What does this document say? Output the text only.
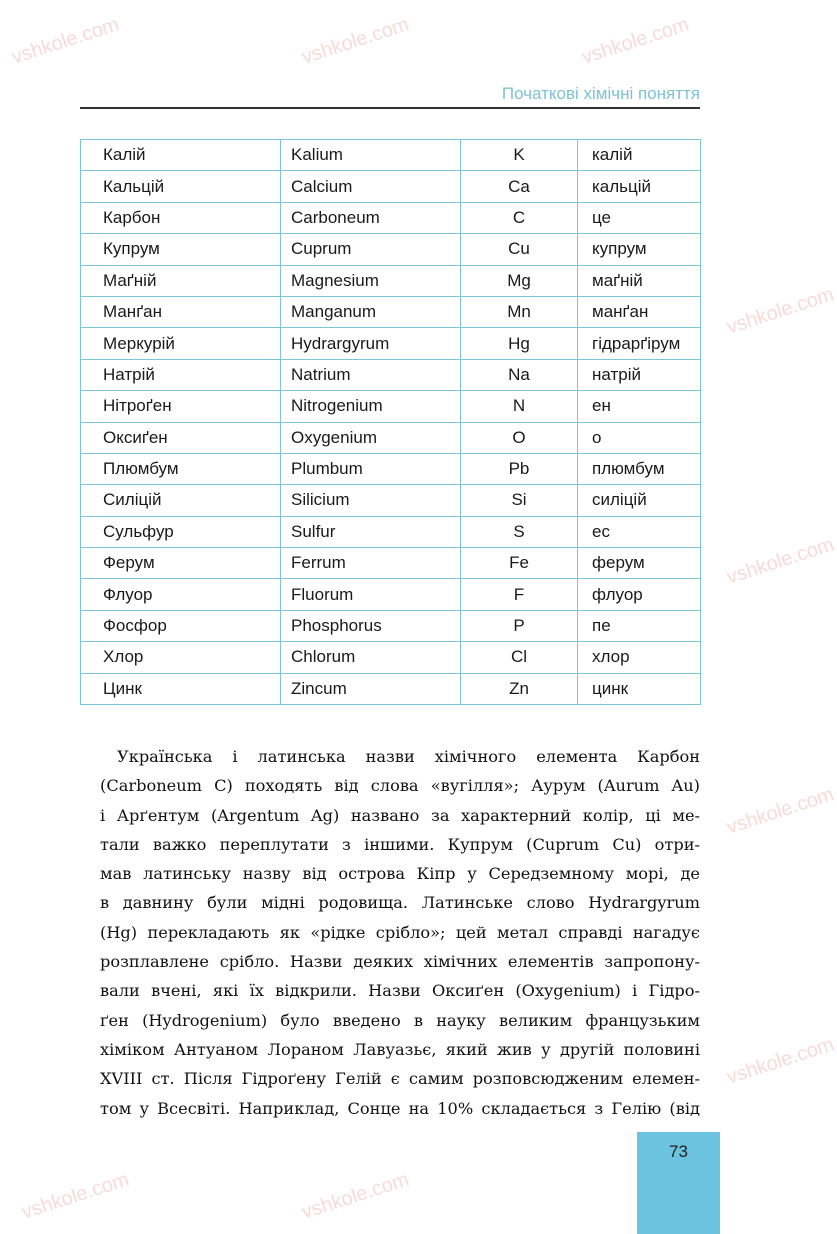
vshkole.com	vshkole.com	vshkole.com
vshkole.com	vshkole.com
vshkole.com
vshkole.com
vshkole.com
vshkole.com
Початкові хімічні поняття
Калій	Kalium	K	калій
Кальцій	Calcium	Ca	кальцій
Карбон	Carboneum	C	це
Купрум	Cuprum	Cu	купрум
Маґній	Magnesium	Mg	маґній
Манґан	Manganum	Mn	манґан
Меркурій	Hydrargyrum	Hg	гідрарґірум
Натрій	Natrium	Na	натрій
Нітроґен	Nitrogenium	N	ен
Оксиґен	Oxygenium	O	о
Плюмбум	Plumbum	Pb	плюмбум
Силіцій	Silicium	Si	силіцій
Сульфур	Sulfur	S	ес
Ферум	Ferrum	Fe	ферум
Флуор	Fluorum	F	флуор
Фосфор	Phosphorus	P	пе
Хлор	Chlorum	Cl	хлор
Цинк	Zincum	Zn	цинк
Українська і латинська назви хімічного елемента Карбон
(Carboneum C) походять від слова «вугілля»; Аурум (Aurum Au)
і Арґентум (Argentum Ag) названо за характерний колір, ці ме-
тали важко переплутати з іншими. Купрум (Cuprum Cu) отри-
мав латинську назву від острова Кіпр у Середземному морі, де
в давнину були мідні родовища. Латинське слово Hydrargyrum
(Hg) перекладають як «рідке срібло»; цей метал справді нагадує
розплавлене срібло. Назви деяких хімічних елементів запропону-
вали вчені, які їх відкрили. Назви Оксиґен (Oxygenium) і Гідро-
ґен (Hydrogenium) було введено в науку великим французьким
хіміком Антуаном Лораном Лавуазьє, який жив у другій половині
XVIII ст. Після Гідроґену Гелій є самим розповсюдженим елемен-
том у Всесвіті. Наприклад, Сонце на 10% складається з Гелію (від
73
